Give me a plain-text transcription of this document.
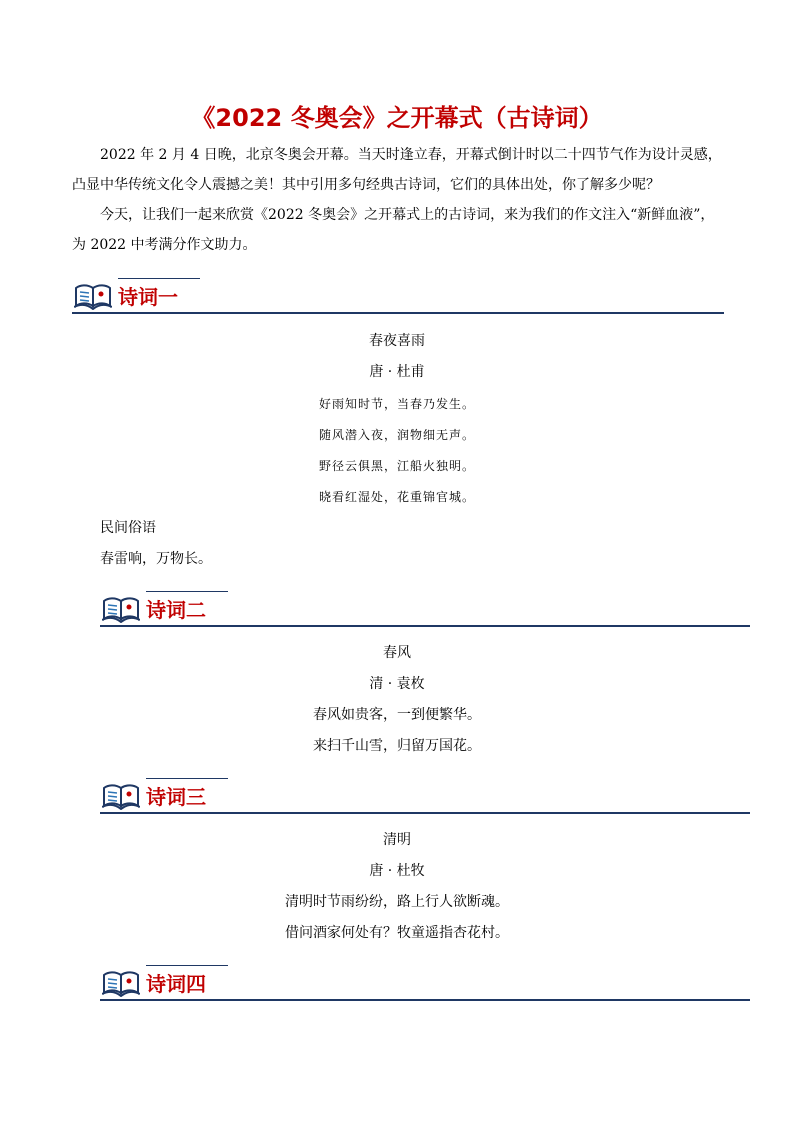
《2022 冬奥会》之开幕式（古诗词）

2022 年 2 月 4 日晚，北京冬奥会开幕。当天时逢立春，开幕式倒计时以二十四节气作为设计灵感，凸显中华传统文化令人震撼之美！其中引用多句经典古诗词，它们的具体出处，你了解多少呢？

今天，让我们一起来欣赏《2022 冬奥会》之开幕式上的古诗词，来为我们的作文注入“新鲜血液”，为 2022 中考满分作文助力。

诗词一
春夜喜雨
唐 · 杜甫
好雨知时节，当春乃发生。
随风潜入夜，润物细无声。
野径云俱黑，江船火独明。
晓看红湿处，花重锦官城。
民间俗语
春雷响，万物长。
诗词二
春风
清 · 袁枚
春风如贵客，一到便繁华。
来扫千山雪，归留万国花。
诗词三
清明
唐 · 杜牧
清明时节雨纷纷，路上行人欲断魂。
借问酒家何处有？牧童遥指杏花村。
诗词四
